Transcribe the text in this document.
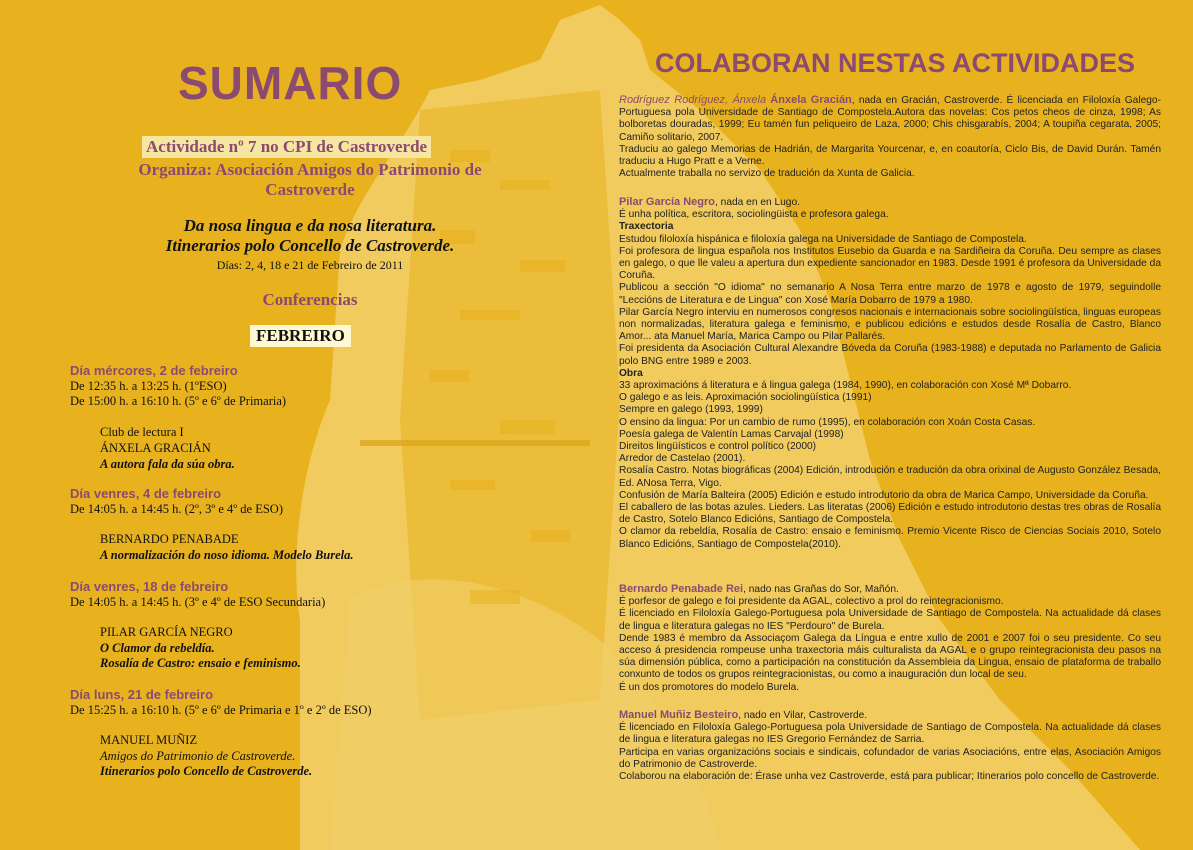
SUMARIO
Actividade nº 7 no CPI de Castroverde
Organiza: Asociación Amigos do Patrimonio de Castroverde
Da nosa lingua e da nosa literatura.
Itinerarios polo Concello de Castroverde.
Días: 2, 4, 18 e 21 de Febreiro de 2011
Conferencias
FEBREIRO
Día mércores, 2 de febreiro
De 12:35 h. a 13:25 h. (1ºESO)
De 15:00 h. a 16:10 h. (5º e 6º de Primaria)
Club de lectura I
ÁNXELA GRACIÁN
A autora fala da súa obra.
Día venres, 4 de febreiro
De 14:05 h. a 14:45 h. (2º, 3º e 4º de ESO)
BERNARDO PENABADE
A normalización do noso idioma. Modelo Burela.
Día venres, 18 de febreiro
De 14:05 h. a 14:45 h. (3º e 4º de ESO Secundaria)
PILAR GARCÍA NEGRO
O Clamor da rebeldía.
Rosalía de Castro: ensaio e feminismo.
Día luns, 21 de febreiro
De 15:25 h. a 16:10 h. (5º e 6º de Primaria e 1º e 2º de ESO)
MANUEL MUÑIZ
Amigos do Patrimonio de Castroverde.
Itinerarios polo Concello de Castroverde.
COLABORAN NESTAS ACTIVIDADES

Rodríguez Rodríguez, Ánxela Ánxela Gracián, nada en Gracián, Castroverde. É licenciada en Filoloxía Galego-Portuguesa pola Universidade de Santiago de Compostela.Autora das novelas: Cos petos cheos de cinza, 1998; As bolboretas douradas, 1999; Eu tamén fun peliqueiro de Laza, 2000; Chis chisgarabís, 2004; A toupiña cegarata, 2005; Camiño solitario, 2007.

Traduciu ao galego Memorias de Hadrián, de Margarita Yourcenar, e, en coautoría, Ciclo Bis, de David Durán. Tamén traduciu a Hugo Pratt e a Verne.

Actualmente traballa no servizo de tradución da Xunta de Galicia.

Pilar García Negro, nada en en Lugo.

É unha política, escritora, sociolingüista e profesora galega.

Traxectoria

Estudou filoloxía hispánica e filoloxía galega na Universidade de Santiago de Compostela.

Foi profesora de lingua española nos Institutos Eusebio da Guarda e na Sardiñeira da Coruña. Deu sempre as clases en galego, o que lle valeu a apertura dun expediente sancionador en 1983. Desde 1991 é profesora da Universidade da Coruña.

Publicou a sección "O idioma" no semanario A Nosa Terra entre marzo de 1978 e agosto de 1979, seguindolle "Leccións de Literatura e de Lingua" con Xosé María Dobarro de 1979 a 1980.

Pilar García Negro interviu en numerosos congresos nacionais e internacionais sobre sociolingüística, linguas europeas non normalizadas, literatura galega e feminismo, e publicou edicións e estudos desde Rosalía de Castro, Blanco Amor... ata Manuel María, Marica Campo ou Pilar Pallarés.

Foi presidenta da Asociación Cultural Alexandre Bóveda da Coruña (1983-1988) e deputada no Parlamento de Galicia polo BNG entre 1989 e 2003.

Obra

33 aproximacións á literatura e á lingua galega (1984, 1990), en colaboración con Xosé Mª Dobarro.

O galego e as leis. Aproximación sociolingüística (1991)

Sempre en galego (1993, 1999)

O ensino da lingua: Por un cambio de rumo (1995), en colaboración con Xoán Costa Casas.

Poesía galega de Valentín Lamas Carvajal (1998)

Direitos lingüísticos e control político (2000)

Arredor de Castelao (2001).

Rosalía Castro. Notas biográficas (2004) Edición, introdución e tradución da obra orixinal de Augusto González Besada, Ed. ANosa Terra, Vigo.

Confusión de María Balteira (2005) Edición e estudo introdutorio da obra de Marica Campo, Universidade da Coruña.

El caballero de las botas azules. Lieders. Las literatas (2006) Edición e estudo introdutorio destas tres obras de Rosalía de Castro, Sotelo Blanco Edicións, Santiago de Compostela.

O clamor da rebeldía, Rosalía de Castro: ensaio e feminismo. Premio Vicente Risco de Ciencias Sociais 2010, Sotelo Blanco Edicións, Santiago de Compostela(2010).

Bernardo Penabade Rei, nado nas Grañas do Sor, Mañón.

É porfesor de galego e foi presidente da AGAL, colectivo a prol do reintegracionismo.

É licenciado en Filoloxía Galego-Portuguesa pola Universidade de Santiago de Compostela. Na actualidade dá clases de lingua e literatura galegas no IES "Perdouro" de Burela.

Dende 1983 é membro da Associaçom Galega da Língua e entre xullo de 2001 e 2007 foi o seu presidente. Co seu acceso á presidencia rompeuse unha traxectoria máis culturalista da AGAL e o grupo reintegracionista deu pasos na súa dimensión pública, como a participación na constitución da Assembleia da Lingua, ensaio de plataforma de traballo conxunto de todos os grupos reintegracionistas, ou como a inauguración dun local de seu.

É un dos promotores do modelo Burela.

Manuel Muñiz Besteiro, nado en Vilar, Castroverde.

É licenciado en Filoloxía Galego-Portuguesa pola Universidade de Santiago de Compostela. Na actualidade dá clases de lingua e literatura galegas no IES Gregorio Fernández de Sarria.

Participa en varias organizacións sociais e sindicais, cofundador de varias Asociacións, entre elas, Asociación Amigos do Patrimonio de Castroverde.

Colaborou na elaboración de: Érase unha vez Castroverde, está para publicar; Itinerarios polo concello de Castroverde.
